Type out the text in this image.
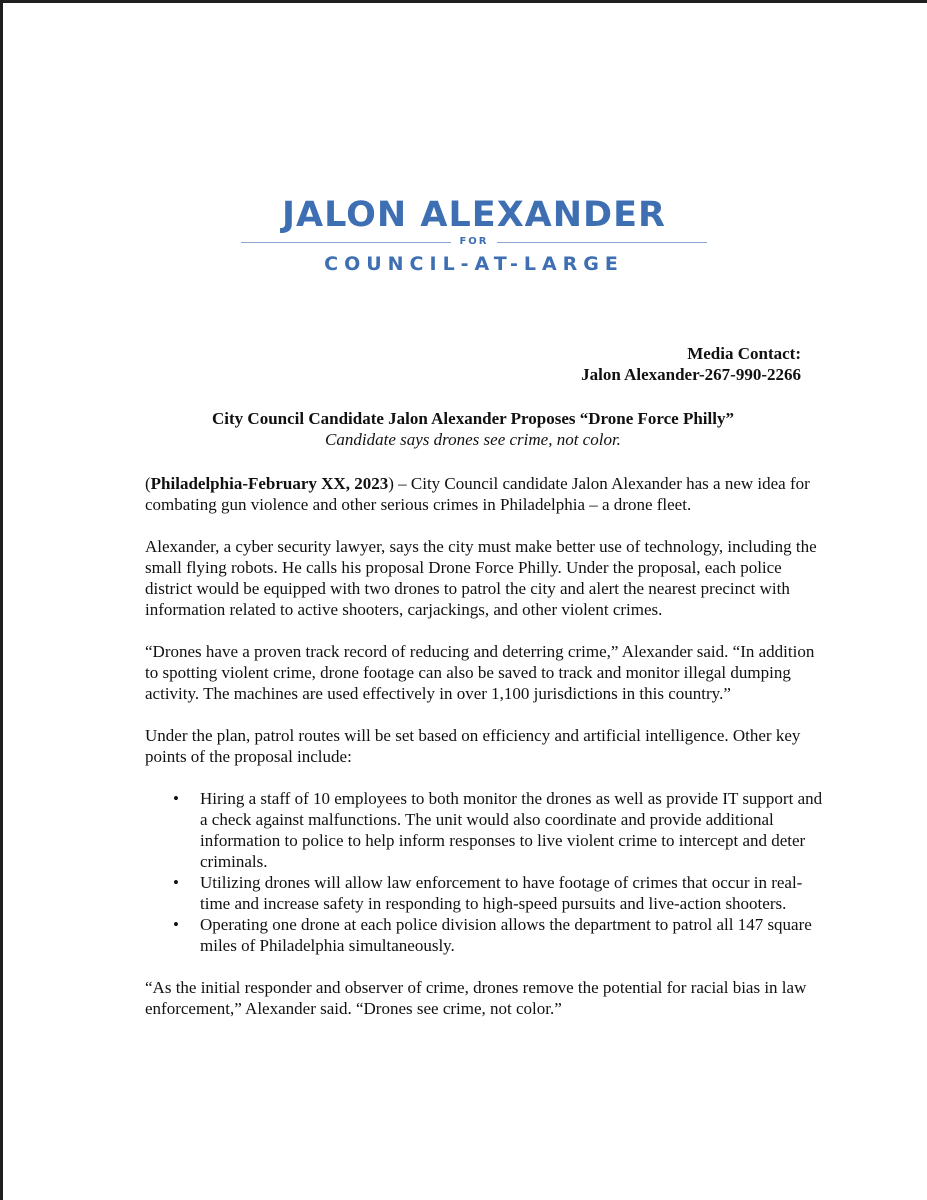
JALON ALEXANDER
FOR
COUNCIL-AT-LARGE
Media Contact:
Jalon Alexander-267-990-2266
City Council Candidate Jalon Alexander Proposes “Drone Force Philly”
Candidate says drones see crime, not color.

(Philadelphia-February XX, 2023) – City Council candidate Jalon Alexander has a new idea for combating gun violence and other serious crimes in Philadelphia – a drone fleet.

Alexander, a cyber security lawyer, says the city must make better use of technology, including the small flying robots. He calls his proposal Drone Force Philly. Under the proposal, each police district would be equipped with two drones to patrol the city and alert the nearest precinct with information related to active shooters, carjackings, and other violent crimes.

“Drones have a proven track record of reducing and deterring crime,” Alexander said. “In addition to spotting violent crime, drone footage can also be saved to track and monitor illegal dumping activity. The machines are used effectively in over 1,100 jurisdictions in this country.”

Under the plan, patrol routes will be set based on efficiency and artificial intelligence. Other key points of the proposal include:

• Hiring a staff of 10 employees to both monitor the drones as well as provide IT support and a check against malfunctions. The unit would also coordinate and provide additional information to police to help inform responses to live violent crime to intercept and deter criminals.
• Utilizing drones will allow law enforcement to have footage of crimes that occur in real-time and increase safety in responding to high-speed pursuits and live-action shooters.
• Operating one drone at each police division allows the department to patrol all 147 square miles of Philadelphia simultaneously.

“As the initial responder and observer of crime, drones remove the potential for racial bias in law enforcement,” Alexander said. “Drones see crime, not color.”
